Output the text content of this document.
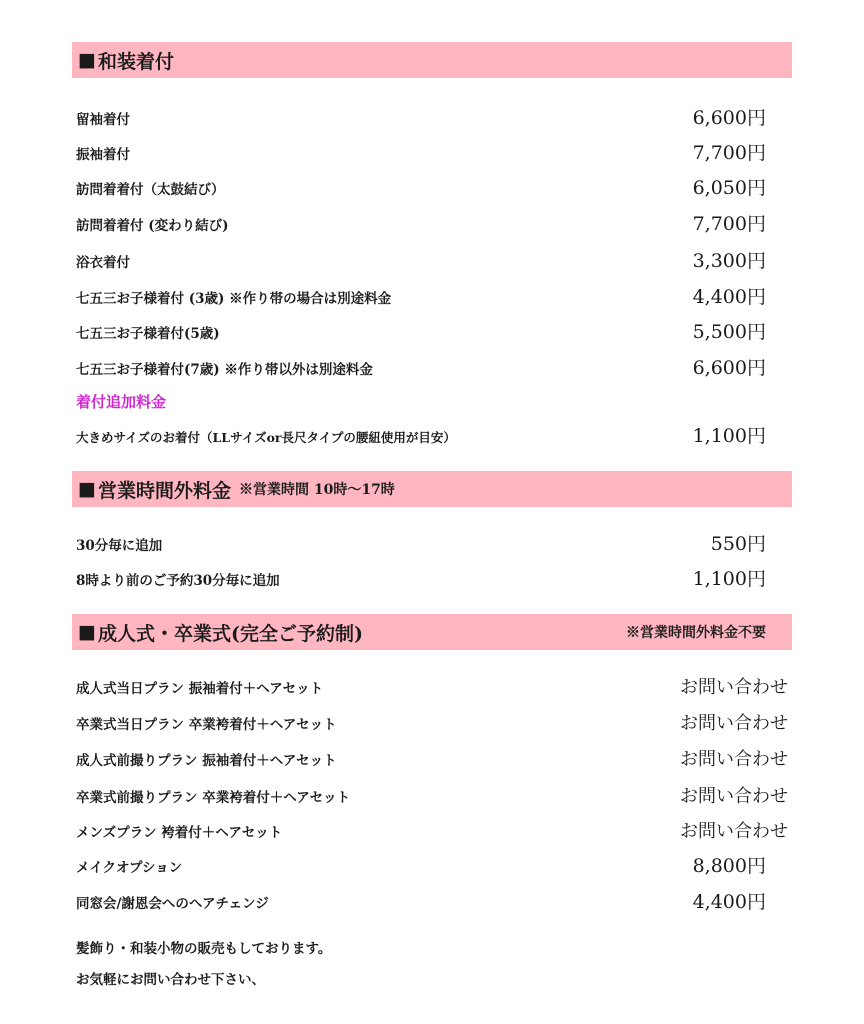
■ 和装着付
留袖着付	6,600円
振袖着付	7,700円
訪問着着付（太鼓結び）	6,050円
訪問着着付 (変わり結び)	7,700円
浴衣着付	3,300円
七五三お子様着付 (3歳) ※作り帯の場合は別途料金	4,400円
七五三お子様着付(5歳)	5,500円
七五三お子様着付(7歳) ※作り帯以外は別途料金	6,600円
着付追加料金
大きめサイズのお着付（LLサイズor長尺タイプの腰紐使用が目安）	1,100円
■ 営業時間外料金 ※営業時間 10時〜17時
30分毎に追加	550円
8時より前のご予約30分毎に追加	1,100円
■ 成人式・卒業式(完全ご予約制)	※営業時間外料金不要
成人式当日プラン 振袖着付＋ヘアセット	お問い合わせ
卒業式当日プラン 卒業袴着付＋ヘアセット	お問い合わせ
成人式前撮りプラン 振袖着付＋ヘアセット	お問い合わせ
卒業式前撮りプラン 卒業袴着付＋ヘアセット	お問い合わせ
メンズプラン 袴着付＋ヘアセット	お問い合わせ
メイクオプション	8,800円
同窓会/謝恩会へのヘアチェンジ	4,400円
髪飾り・和装小物の販売もしております。
お気軽にお問い合わせ下さい、
